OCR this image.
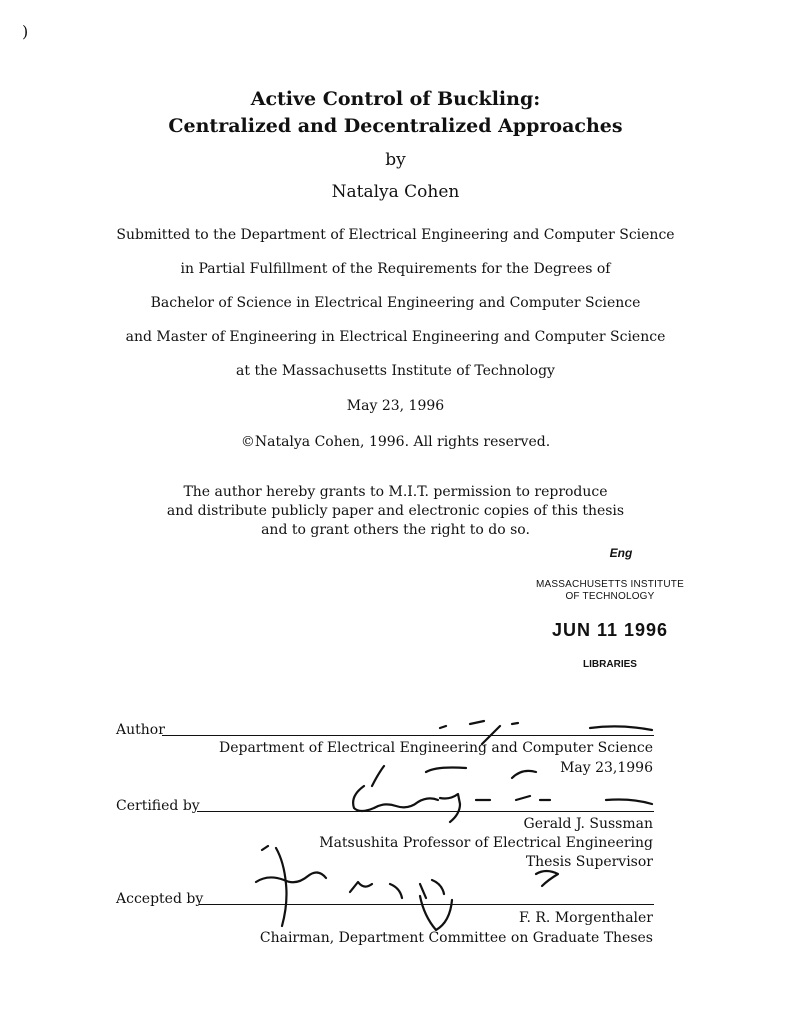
)
Active Control of Buckling:
Centralized and Decentralized Approaches
by
Natalya Cohen
Submitted to the Department of Electrical Engineering and Computer Science
in Partial Fulfillment of the Requirements for the Degrees of
Bachelor of Science in Electrical Engineering and Computer Science
and Master of Engineering in Electrical Engineering and Computer Science
at the Massachusetts Institute of Technology
May 23, 1996
©Natalya Cohen, 1996. All rights reserved.
The author hereby grants to M.I.T. permission to reproduce
and distribute publicly paper and electronic copies of this thesis
and to grant others the right to do so.
Eng
MASSACHUSETTS INSTITUTE
OF TECHNOLOGY
JUN 11 1996
LIBRARIES
Author
Department of Electrical Engineering and Computer Science
May 23,1996
Certified by
Gerald J. Sussman
Matsushita Professor of Electrical Engineering
Thesis Supervisor
Accepted by
F. R. Morgenthaler
Chairman, Department Committee on Graduate Theses
